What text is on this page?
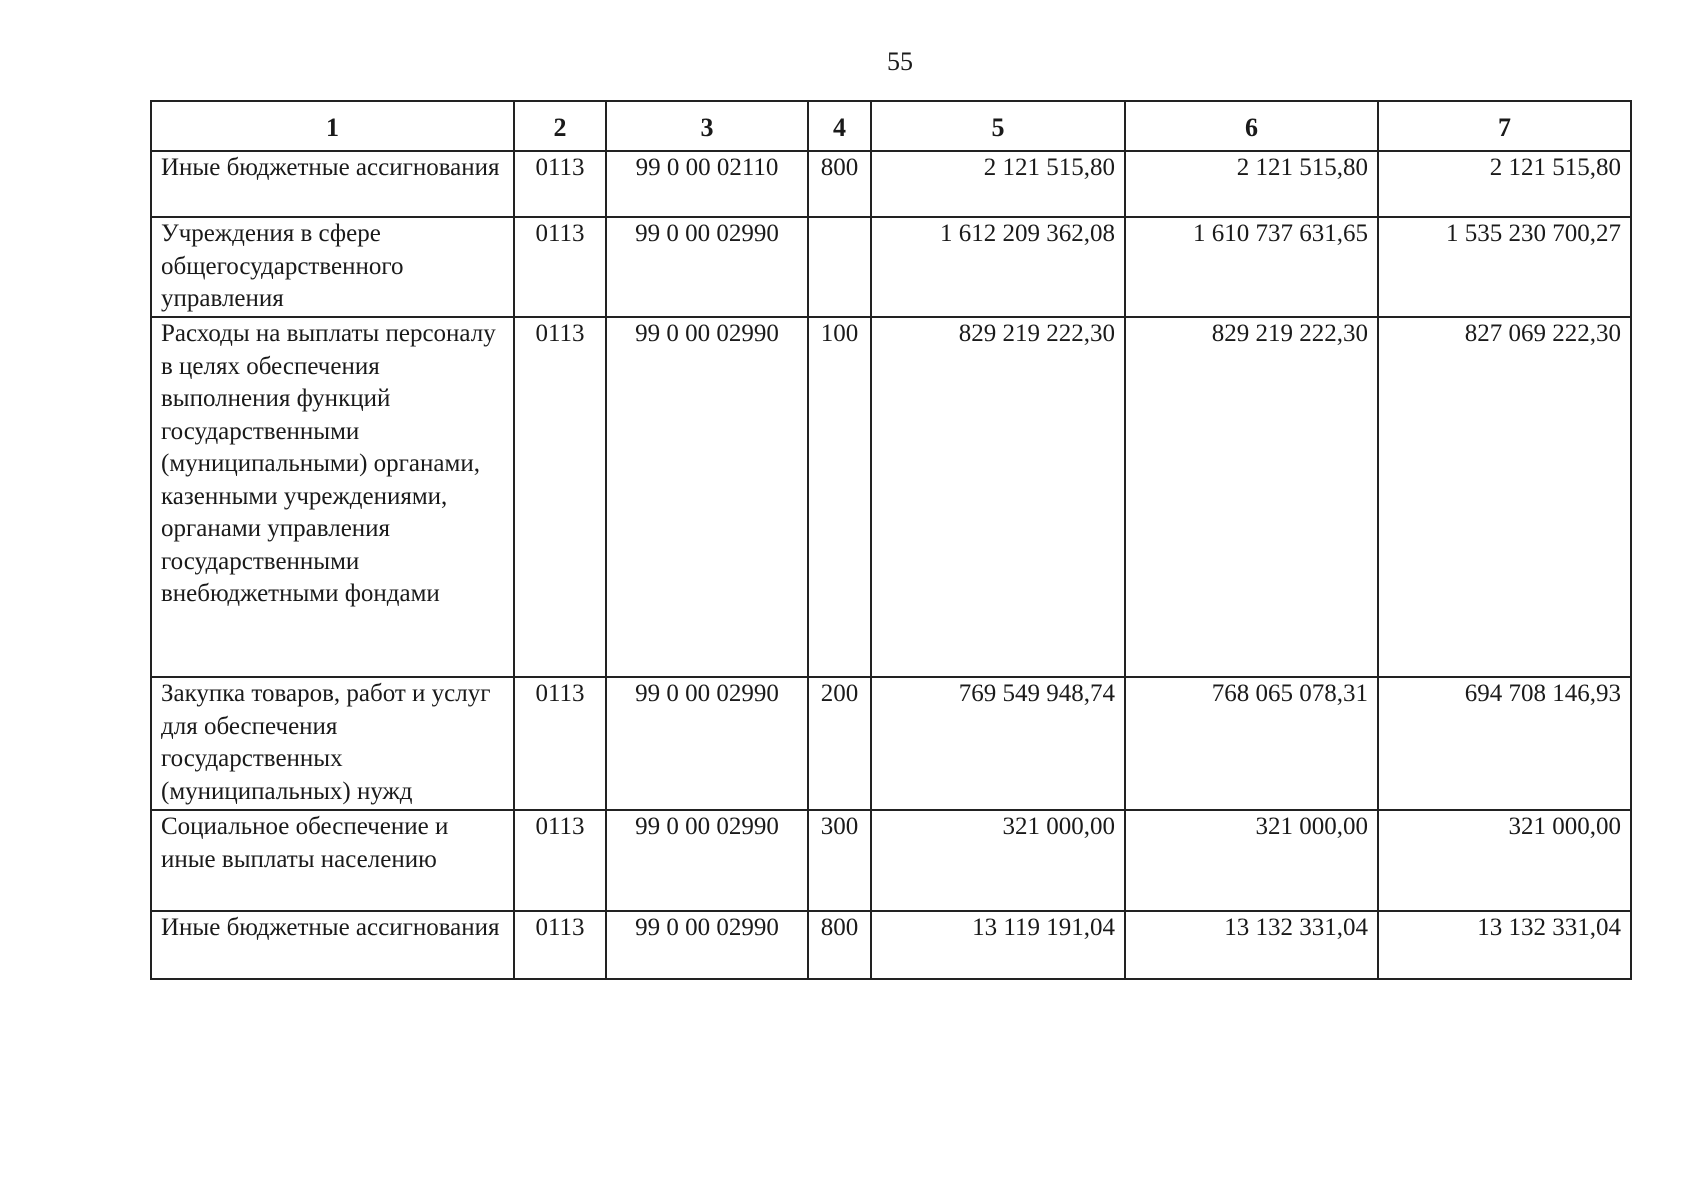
55
1	2	3	4	5	6	7
Иные бюджетные ассигнования	0113	99 0 00 02110	800	2 121 515,80	2 121 515,80	2 121 515,80
Учреждения в сфере общегосударственного управления	0113	99 0 00 02990		1 612 209 362,08	1 610 737 631,65	1 535 230 700,27
Расходы на выплаты персоналу в целях обеспечения выполнения функций государственными (муниципальными) органами, казенными учреждениями, органами управления государственными внебюджетными фондами	0113	99 0 00 02990	100	829 219 222,30	829 219 222,30	827 069 222,30
Закупка товаров, работ и услуг для обеспечения государственных (муниципальных) нужд	0113	99 0 00 02990	200	769 549 948,74	768 065 078,31	694 708 146,93
Социальное обеспечение и иные выплаты населению	0113	99 0 00 02990	300	321 000,00	321 000,00	321 000,00
Иные бюджетные ассигнования	0113	99 0 00 02990	800	13 119 191,04	13 132 331,04	13 132 331,04
